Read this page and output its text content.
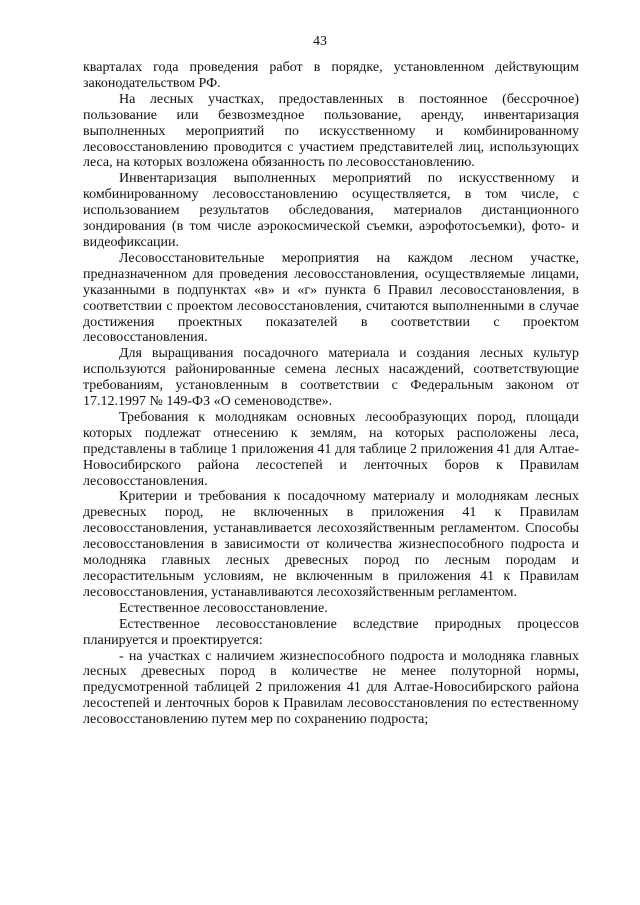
43

кварталах года проведения работ в порядке, установленном действующим законодательством РФ.

На лесных участках, предоставленных в постоянное (бессрочное) пользование или безвозмездное пользование, аренду, инвентаризация выполненных мероприятий по искусственному и комбинированному лесовосстановлению проводится с участием представителей лиц, использующих леса, на которых возложена обязанность по лесовосстановлению.

Инвентаризация выполненных мероприятий по искусственному и комбинированному лесовосстановлению осуществляется, в том числе, с использованием результатов обследования, материалов дистанционного зондирования (в том числе аэрокосмической съемки, аэрофотосъемки), фото- и видеофиксации.

Лесовосстановительные мероприятия на каждом лесном участке, предназначенном для проведения лесовосстановления, осуществляемые лицами, указанными в подпунктах «в» и «г» пункта 6 Правил лесовосстановления, в соответствии с проектом лесовосстановления, считаются выполненными в случае достижения проектных показателей в соответствии с проектом лесовосстановления.

Для выращивания посадочного материала и создания лесных культур используются районированные семена лесных насаждений, соответствующие требованиям, установленным в соответствии с Федеральным законом от 17.12.1997 № 149-ФЗ «О семеноводстве».

Требования к молоднякам основных лесообразующих пород, площади которых подлежат отнесению к землям, на которых расположены леса, представлены в таблице 1 приложения 41 для таблице 2 приложения 41 для Алтае-Новосибирского района лесостепей и ленточных боров к Правилам лесовосстановления.

Критерии и требования к посадочному материалу и молоднякам лесных древесных пород, не включенных в приложения 41 к Правилам лесовосстановления, устанавливается лесохозяйственным регламентом. Способы лесовосстановления в зависимости от количества жизнеспособного подроста и молодняка главных лесных древесных пород по лесным породам и лесорастительным условиям, не включенным в приложения 41 к Правилам лесовосстановления, устанавливаются лесохозяйственным регламентом.

Естественное лесовосстановление.

Естественное лесовосстановление вследствие природных процессов планируется и проектируется:

- на участках с наличием жизнеспособного подроста и молодняка главных лесных древесных пород в количестве не менее полуторной нормы, предусмотренной таблицей 2 приложения 41 для Алтае-Новосибирского района лесостепей и ленточных боров к Правилам лесовосстановления по естественному лесовосстановлению путем мер по сохранению подроста;
